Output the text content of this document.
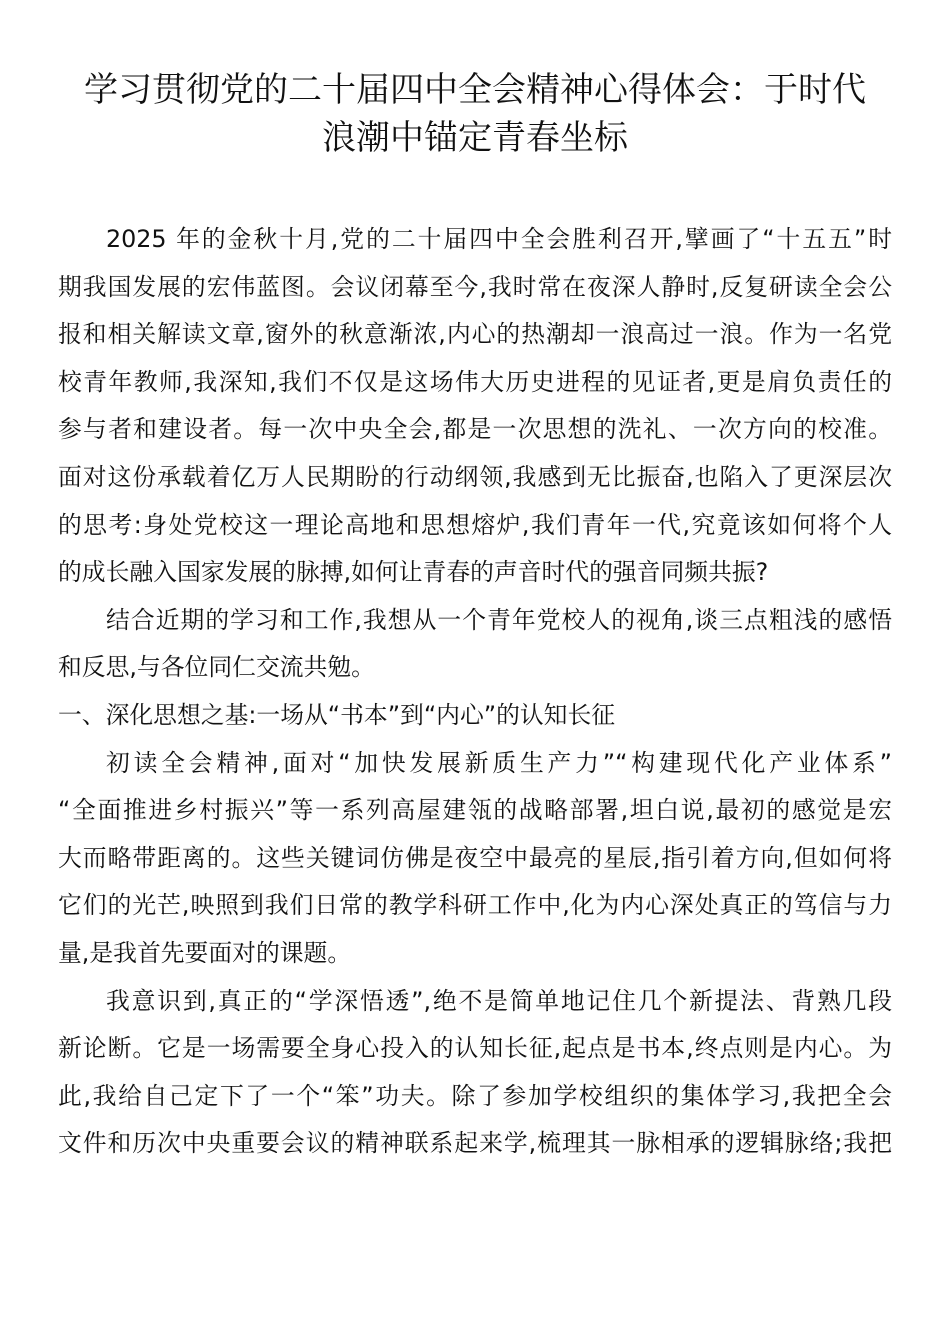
学习贯彻党的二十届四中全会精神心得体会：于时代
浪潮中锚定青春坐标
2025 年的金秋十月,党的二十届四中全会胜利召开,擘画了“十五五”时
期我国发展的宏伟蓝图。会议闭幕至今,我时常在夜深人静时,反复研读全会公
报和相关解读文章,窗外的秋意渐浓,内心的热潮却一浪高过一浪。作为一名党
校青年教师,我深知,我们不仅是这场伟大历史进程的见证者,更是肩负责任的
参与者和建设者。每一次中央全会,都是一次思想的洗礼、一次方向的校准。
面对这份承载着亿万人民期盼的行动纲领,我感到无比振奋,也陷入了更深层次
的思考:身处党校这一理论高地和思想熔炉,我们青年一代,究竟该如何将个人
的成长融入国家发展的脉搏,如何让青春的声音时代的强音同频共振?
结合近期的学习和工作,我想从一个青年党校人的视角,谈三点粗浅的感悟
和反思,与各位同仁交流共勉。
一、深化思想之基:一场从“书本”到“内心”的认知长征
初读全会精神,面对“加快发展新质生产力”“构建现代化产业体系”
“全面推进乡村振兴”等一系列高屋建瓴的战略部署,坦白说,最初的感觉是宏
大而略带距离的。这些关键词仿佛是夜空中最亮的星辰,指引着方向,但如何将
它们的光芒,映照到我们日常的教学科研工作中,化为内心深处真正的笃信与力
量,是我首先要面对的课题。
我意识到,真正的“学深悟透”,绝不是简单地记住几个新提法、背熟几段
新论断。它是一场需要全身心投入的认知长征,起点是书本,终点则是内心。为
此,我给自己定下了一个“笨”功夫。除了参加学校组织的集体学习,我把全会
文件和历次中央重要会议的精神联系起来学,梳理其一脉相承的逻辑脉络;我把
